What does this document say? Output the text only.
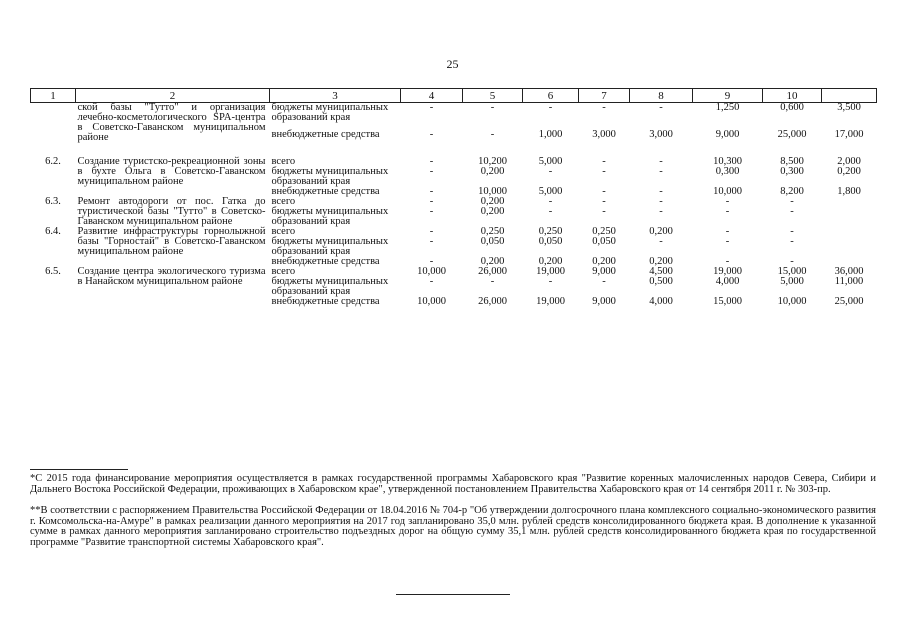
25
1	2	3	4	5	6	7	8	9	10	
	ской базы "Тутто" и организация лечебно-косметологического SPA-центра в Советско-Гаванском муниципальном районе	бюджеты муниципальных образований края	-	-	-	-	-	1,250	0,600	3,500
		внебюджетные средства	-	-	1,000	3,000	3,000	9,000	25,000	17,000

6.2.	Создание туристско-рекреационной зоны в бухте Ольга в Советско-Гаванском муниципальном районе	всего	-	10,200	5,000	-	-	10,300	8,500	2,000
		бюджеты муниципальных образований края	-	0,200	-	-	-	0,300	0,300	0,200
		внебюджетные средства	-	10,000	5,000	-	-	10,000	8,200	1,800
6.3.	Ремонт автодороги от пос. Гатка до туристической базы "Тутто" в Советско-Гаванском муниципальном районе	всего	-	0,200	-	-	-	-	-	
		бюджеты муниципальных образований края	-	0,200	-	-	-	-	-	
6.4.	Развитие инфраструктуры горнолыжной базы "Горностай" в Советско-Гаванском муниципальном районе	всего	-	0,250	0,250	0,250	0,200	-	-	
		бюджеты муниципальных образований края	-	0,050	0,050	0,050	-	-	-	
		внебюджетные средства	-	0,200	0,200	0,200	0,200	-	-	
6.5.	Создание центра экологического туризма в Нанайском муниципальном районе	всего	10,000	26,000	19,000	9,000	4,500	19,000	15,000	36,000
		бюджеты муниципальных образований края	-	-	-	-	0,500	4,000	5,000	11,000
		внебюджетные средства	10,000	26,000	19,000	9,000	4,000	15,000	10,000	25,000
*С 2015 года финансирование мероприятия осуществляется в рамках государственной программы Хабаровского края "Развитие коренных малочисленных народов Севера, Сибири и Дальнего Востока Российской Федерации, проживающих в Хабаровском крае", утвержденной постановлением Правительства Хабаровского края от 14 сентября 2011 г. № 303-пр.
**В соответствии с распоряжением Правительства Российской Федерации от 18.04.2016 № 704-р "Об утверждении долгосрочного плана комплексного социально-экономического развития г. Комсомольска-на-Амуре" в рамках реализации данного мероприятия на 2017 год запланировано 35,0 млн. рублей средств консолидированного бюджета края. В дополнение к указанной сумме в рамках данного мероприятия запланировано строительство подъездных дорог на общую сумму 35,1 млн. рублей средств консолидированного бюджета края по государственной программе "Развитие транспортной системы Хабаровского края".
